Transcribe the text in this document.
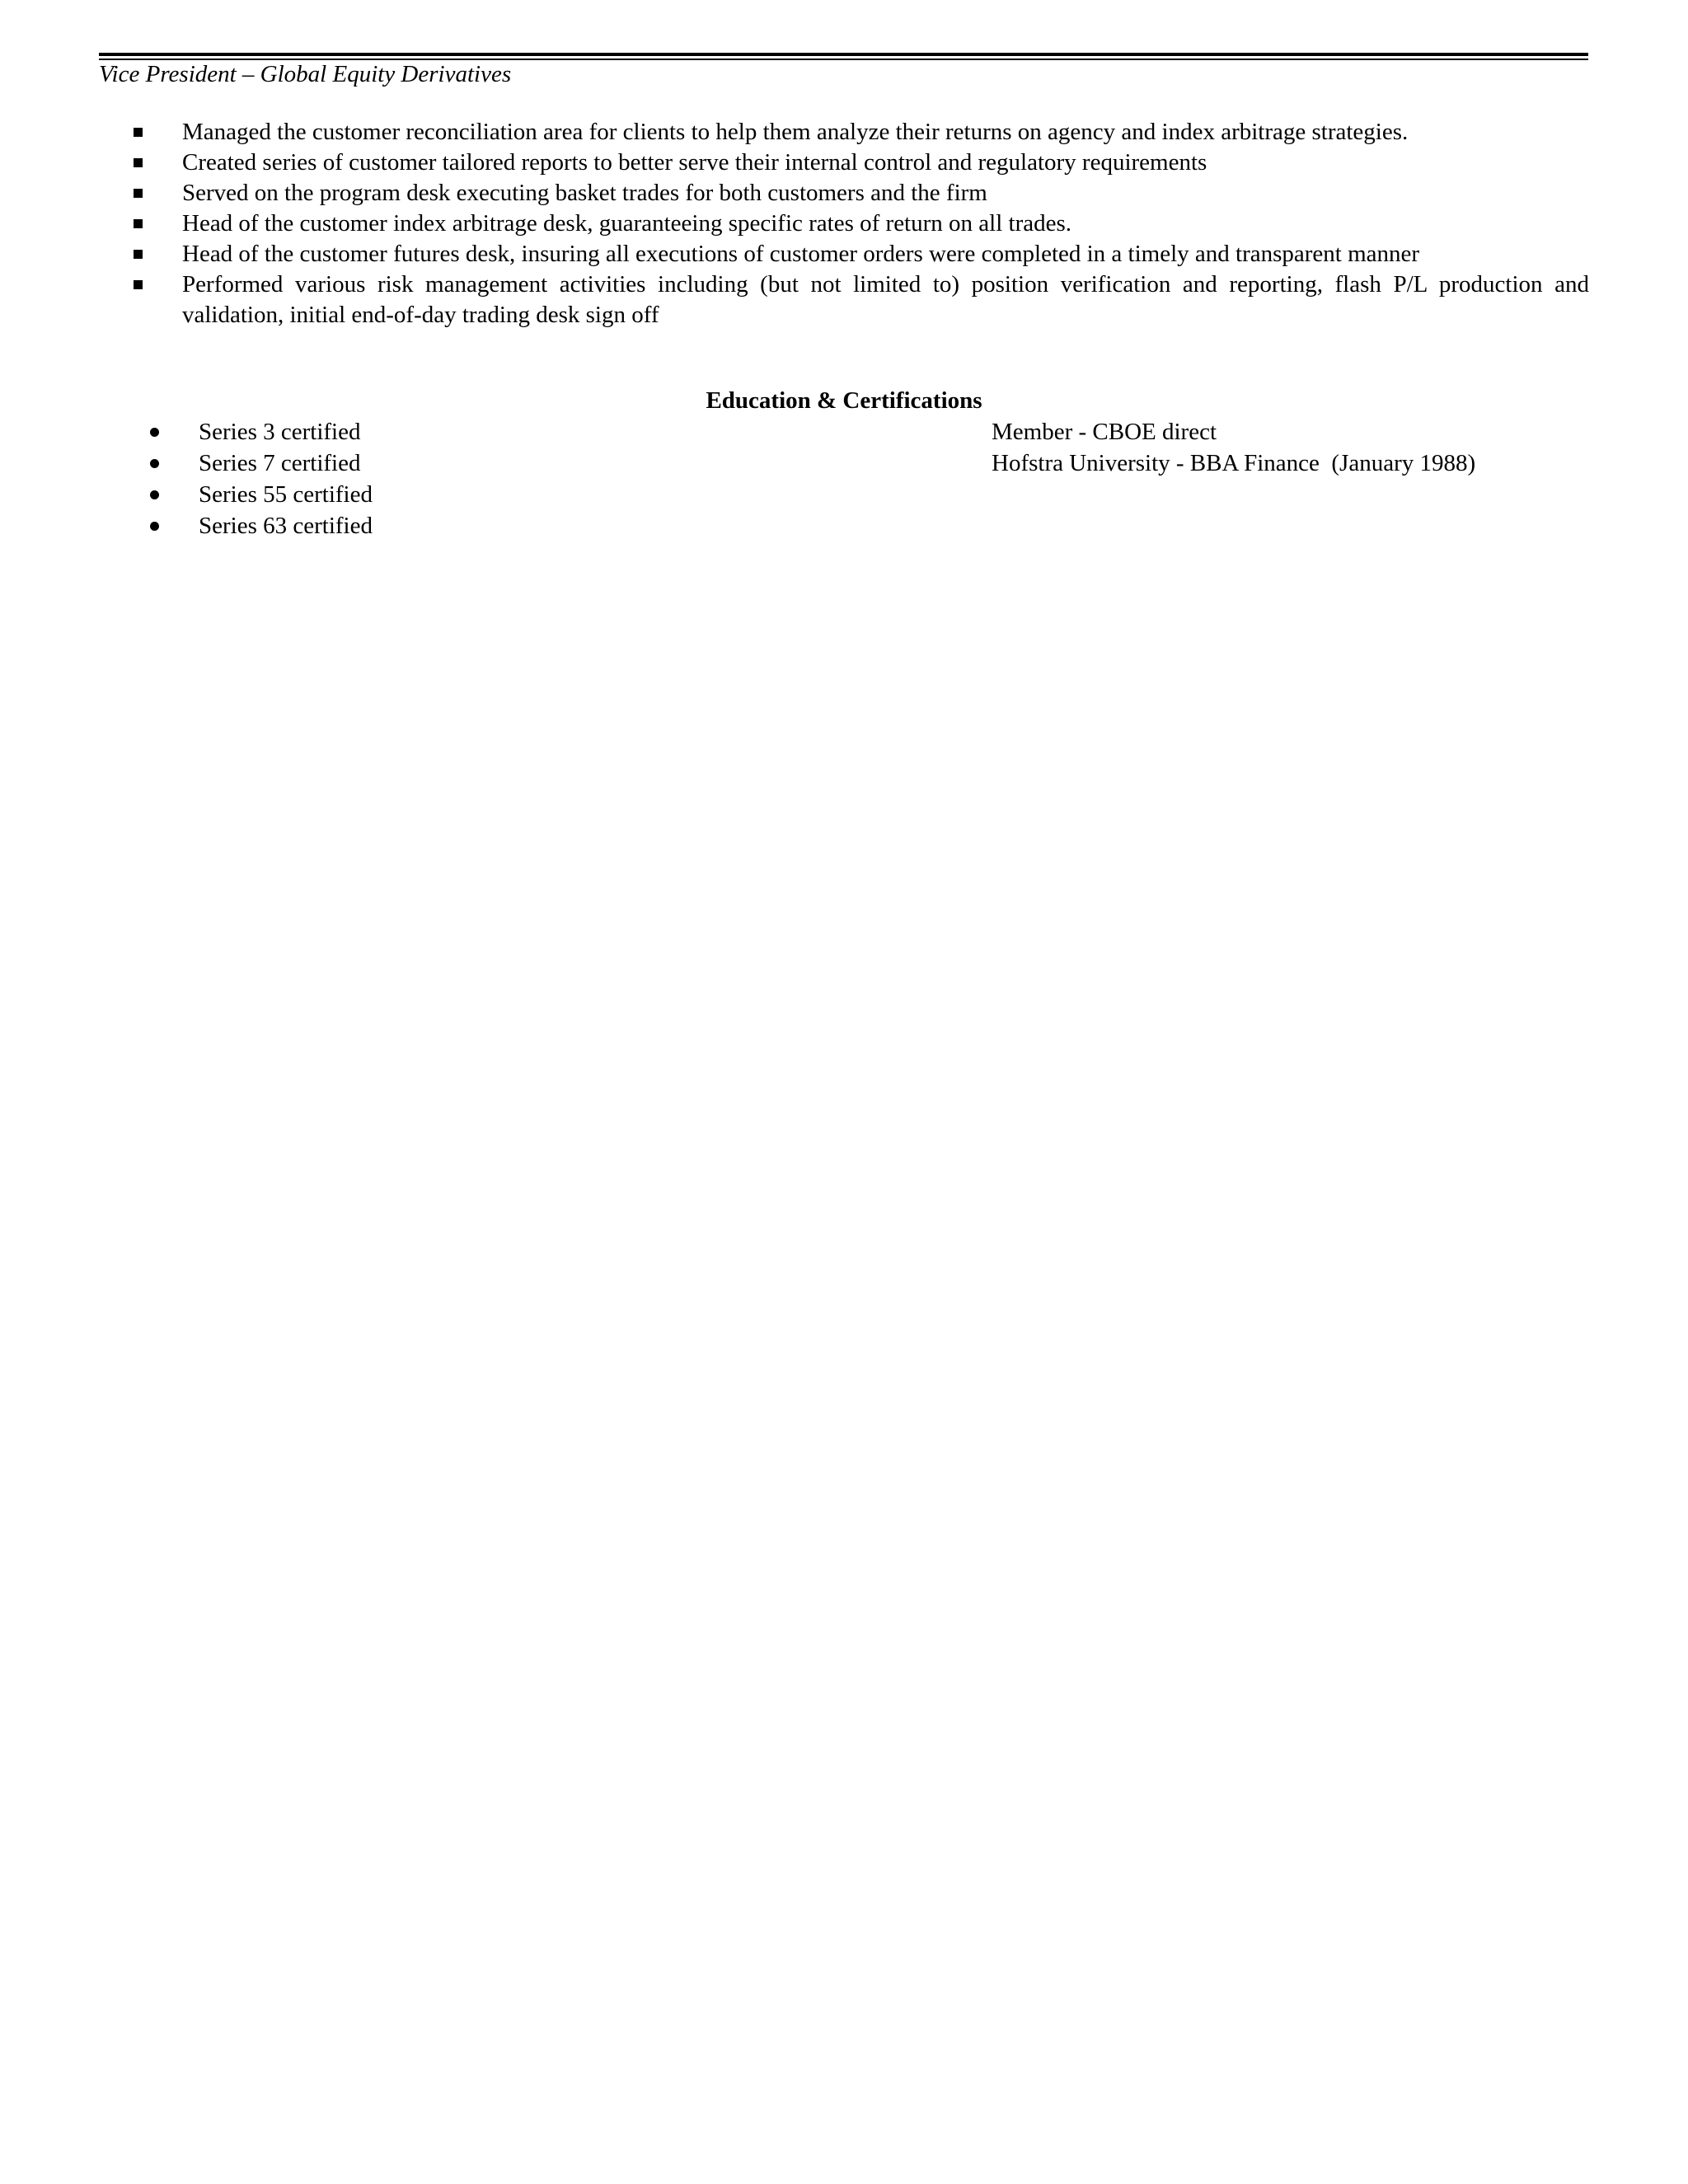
Vice President – Global Equity Derivatives
Managed the customer reconciliation area for clients to help them analyze their returns on agency and index arbitrage strategies.
Created series of customer tailored reports to better serve their internal control and regulatory requirements
Served on the program desk executing basket trades for both customers and the firm
Head of the customer index arbitrage desk, guaranteeing specific rates of return on all trades.
Head of the customer futures desk, insuring all executions of customer orders were completed in a timely and transparent manner
Performed various risk management activities including (but not limited to) position verification and reporting, flash P/L production and validation, initial end-of-day trading desk sign off
Education & Certifications
Series 3 certified
Series 7 certified
Series 55 certified
Series 63 certified
Member - CBOE direct
Hofstra University - BBA Finance  (January 1988)
